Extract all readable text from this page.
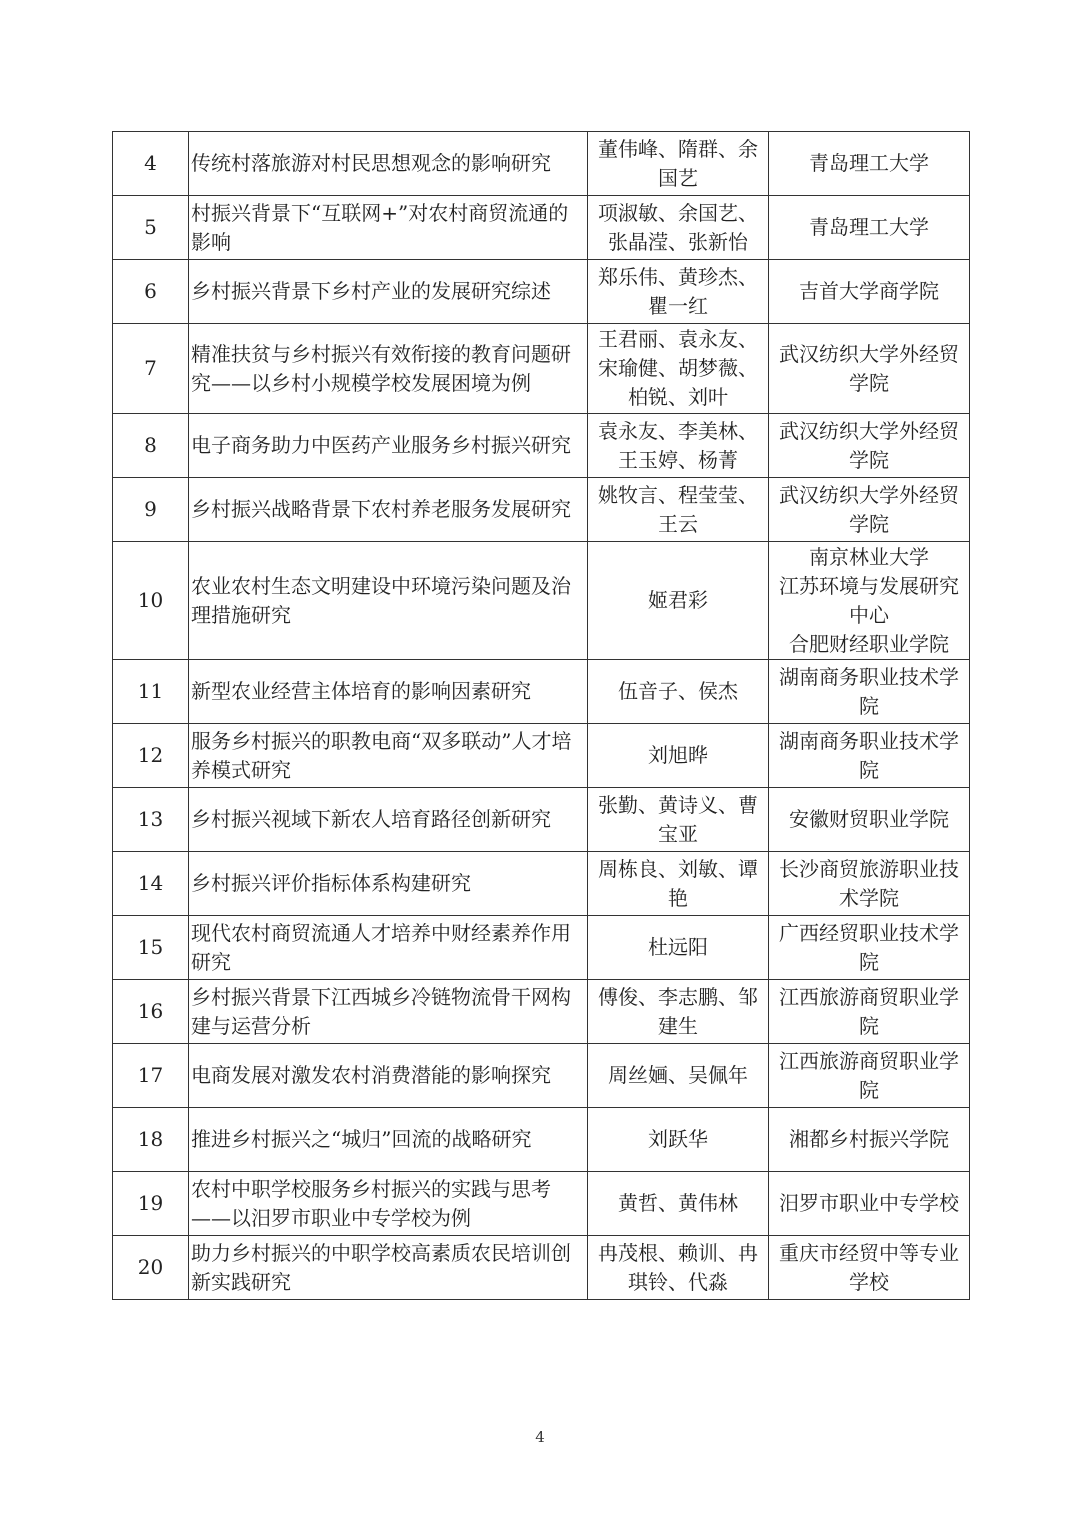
4	传统村落旅游对村民思想观念的影响研究	董伟峰、隋群、余国艺	青岛理工大学

5	村振兴背景下“互联网+”对农村商贸流通的影响	项淑敏、余国艺、张晶滢、张新怡	青岛理工大学

6	乡村振兴背景下乡村产业的发展研究综述	郑乐伟、黄珍杰、瞿一红	吉首大学商学院

7	精准扶贫与乡村振兴有效衔接的教育问题研究——以乡村小规模学校发展困境为例	王君丽、袁永友、宋瑜健、胡梦薇、柏锐、刘叶	武汉纺织大学外经贸学院

8	电子商务助力中医药产业服务乡村振兴研究	袁永友、李美林、王玉婷、杨菁	武汉纺织大学外经贸学院

9	乡村振兴战略背景下农村养老服务发展研究	姚牧言、程莹莹、王云	武汉纺织大学外经贸学院

10	农业农村生态文明建设中环境污染问题及治理措施研究	姬君彩	南京林业大学
江苏环境与发展研究中心
合肥财经职业学院

11	新型农业经营主体培育的影响因素研究	伍音子、侯杰	湖南商务职业技术学院

12	服务乡村振兴的职教电商“双多联动”人才培养模式研究	刘旭晔	湖南商务职业技术学院

13	乡村振兴视域下新农人培育路径创新研究	张勤、黄诗义、曹宝亚	安徽财贸职业学院

14	乡村振兴评价指标体系构建研究	周栋良、刘敏、谭艳	长沙商贸旅游职业技术学院

15	现代农村商贸流通人才培养中财经素养作用研究	杜远阳	广西经贸职业技术学院

16	乡村振兴背景下江西城乡冷链物流骨干网构建与运营分析	傅俊、李志鹏、邹建生	江西旅游商贸职业学院

17	电商发展对激发农村消费潜能的影响探究	周丝婳、吴佩年	江西旅游商贸职业学院

18	推进乡村振兴之“城归”回流的战略研究	刘跃华	湘都乡村振兴学院

19	农村中职学校服务乡村振兴的实践与思考——以汨罗市职业中专学校为例	黄哲、黄伟林	汨罗市职业中专学校

20	助力乡村振兴的中职学校高素质农民培训创新实践研究	冉茂根、赖训、冉琪铃、代淼	重庆市经贸中等专业学校
4
